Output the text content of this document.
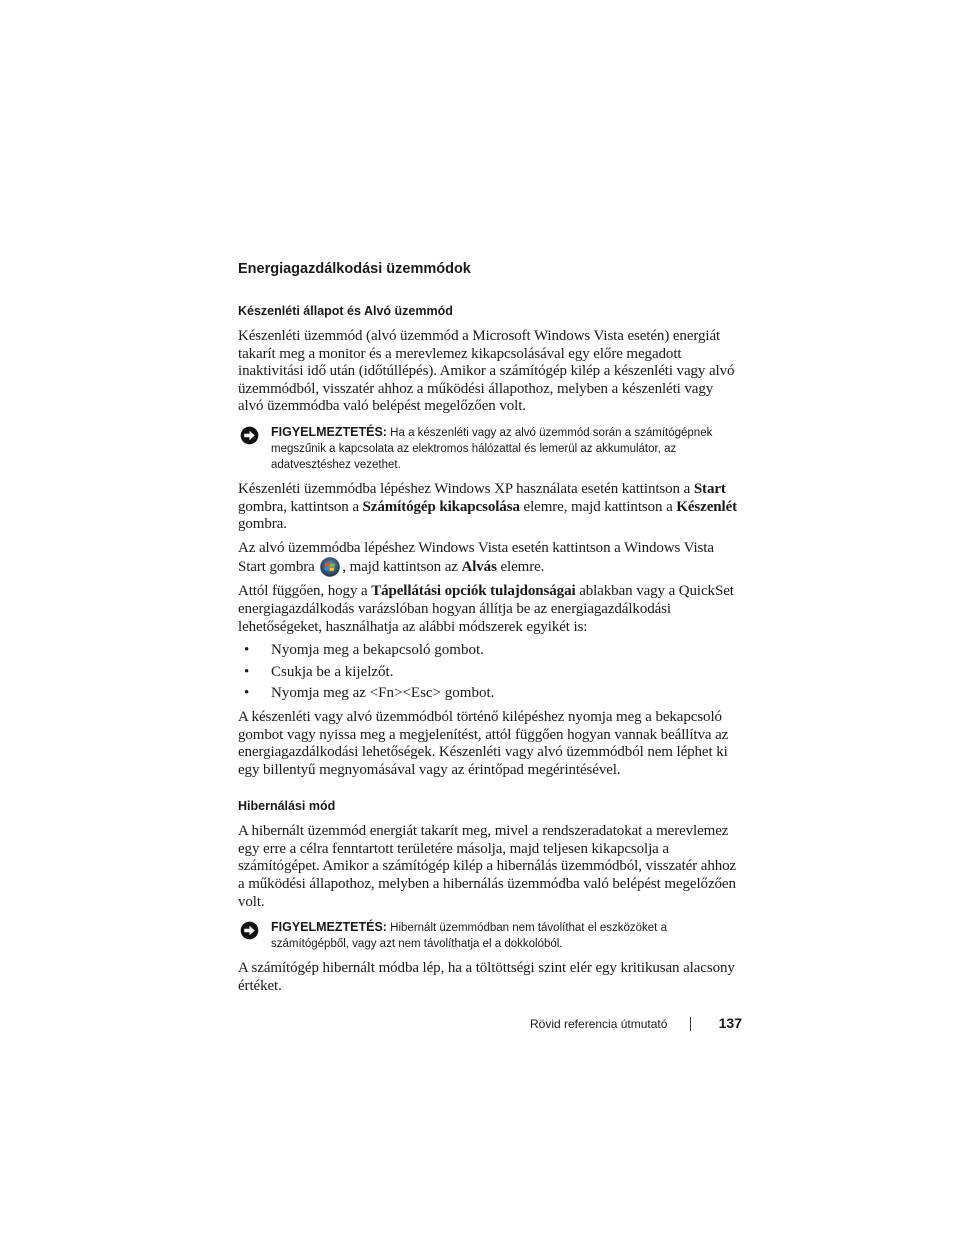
Energiagazdálkodási üzemmódok
Készenléti állapot és Alvó üzemmód

Készenléti üzemmód (alvó üzemmód a Microsoft Windows Vista esetén) energiát takarít meg a monitor és a merevlemez kikapcsolásával egy előre megadott inaktivitási idő után (időtúllépés). Amikor a számítógép kilép a készenléti vagy alvó üzemmódból, visszatér ahhoz a működési állapothoz, melyben a készenléti vagy alvó üzemmódba való belépést megelőzően volt.

FIGYELMEZTETÉS: Ha a készenléti vagy az alvó üzemmód során a számítógépnek megszűnik a kapcsolata az elektromos hálózattal és lemerül az akkumulátor, az adatvesztéshez vezethet.

Készenléti üzemmódba lépéshez Windows XP használata esetén kattintson a Start gombra, kattintson a Számítógép kikapcsolása elemre, majd kattintson a Készenlét gombra.

Az alvó üzemmódba lépéshez Windows Vista esetén kattintson a Windows Vista Start gombra , majd kattintson az Alvás elemre.

Attól függően, hogy a Tápellátási opciók tulajdonságai ablakban vagy a QuickSet energiagazdálkodás varázslóban hogyan állítja be az energiagazdálkodási lehetőségeket, használhatja az alábbi módszerek egyikét is:

• Nyomja meg a bekapcsoló gombot.
• Csukja be a kijelzőt.
• Nyomja meg az <Fn><Esc> gombot.

A készenléti vagy alvó üzemmódból történő kilépéshez nyomja meg a bekapcsoló gombot vagy nyissa meg a megjelenítést, attól függően hogyan vannak beállítva az energiagazdálkodási lehetőségek. Készenléti vagy alvó üzemmódból nem léphet ki egy billentyű megnyomásával vagy az érintőpad megérintésével.

Hibernálási mód

A hibernált üzemmód energiát takarít meg, mivel a rendszeradatokat a merevlemez egy erre a célra fenntartott területére másolja, majd teljesen kikapcsolja a számítógépet. Amikor a számítógép kilép a hibernálás üzemmódból, visszatér ahhoz a működési állapothoz, melyben a hibernálás üzemmódba való belépést megelőzően volt.

FIGYELMEZTETÉS: Hibernált üzemmódban nem távolíthat el eszközöket a számítógépből, vagy azt nem távolíthatja el a dokkolóból.

A számítógép hibernált módba lép, ha a töltöttségi szint elér egy kritikusan alacsony értéket.

Rövid referencia útmutató	137
